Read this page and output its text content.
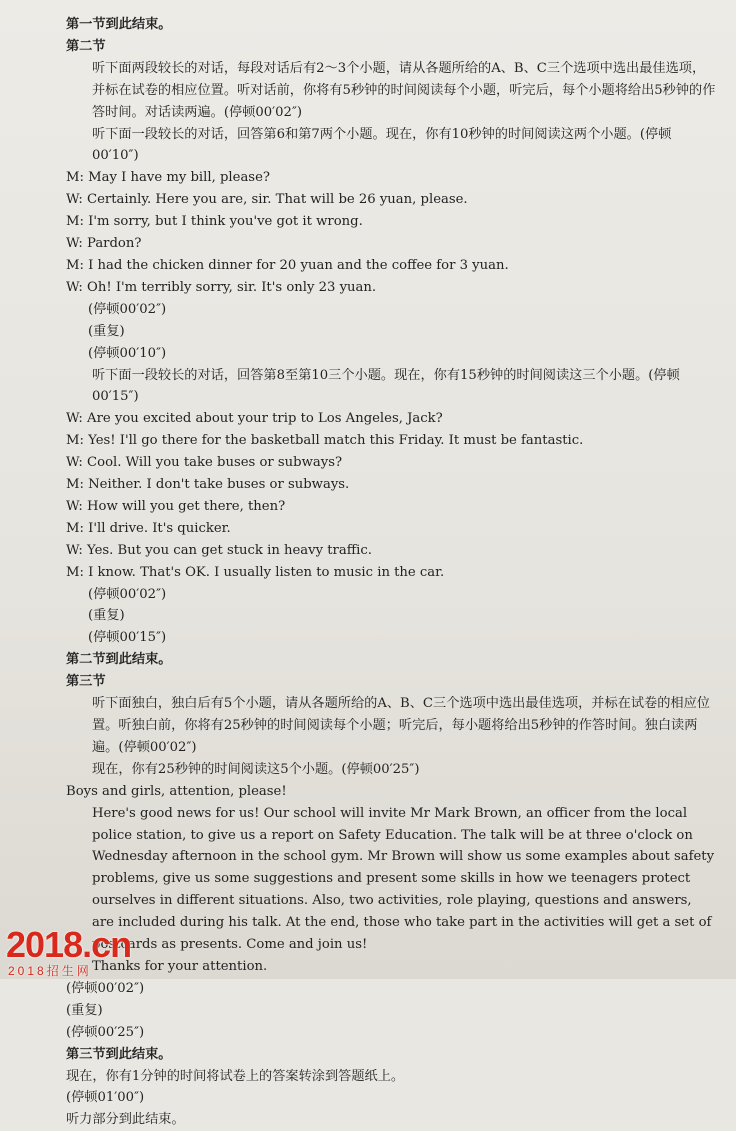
第一节到此结束。
第二节
听下面两段较长的对话，每段对话后有2～3个小题，请从各题所给的A、B、C三个选项中选出最佳选项，并标在试卷的相应位置。听对话前，你将有5秒钟的时间阅读每个小题，听完后，每个小题将给出5秒钟的作答时间。对话读两遍。(停顿00′02″)
听下面一段较长的对话，回答第6和第7两个小题。现在，你有10秒钟的时间阅读这两个小题。(停顿00′10″)
M: May I have my bill, please?
W: Certainly. Here you are, sir. That will be 26 yuan, please.
M: I'm sorry, but I think you've got it wrong.
W: Pardon?
M: I had the chicken dinner for 20 yuan and the coffee for 3 yuan.
W: Oh! I'm terribly sorry, sir. It's only 23 yuan.
(停顿00′02″)
(重复)
(停顿00′10″)
听下面一段较长的对话，回答第8至第10三个小题。现在，你有15秒钟的时间阅读这三个小题。(停顿00′15″)
W: Are you excited about your trip to Los Angeles, Jack?
M: Yes! I'll go there for the basketball match this Friday. It must be fantastic.
W: Cool. Will you take buses or subways?
M: Neither. I don't take buses or subways.
W: How will you get there, then?
M: I'll drive. It's quicker.
W: Yes. But you can get stuck in heavy traffic.
M: I know. That's OK. I usually listen to music in the car.
(停顿00′02″)
(重复)
(停顿00′15″)
第二节到此结束。
第三节
听下面独白，独白后有5个小题，请从各题所给的A、B、C三个选项中选出最佳选项，并标在试卷的相应位置。听独白前，你将有25秒钟的时间阅读每个小题；听完后，每小题将给出5秒钟的作答时间。独白读两遍。(停顿00′02″)
现在，你有25秒钟的时间阅读这5个小题。(停顿00′25″)
Boys and girls, attention, please!
Here's good news for us! Our school will invite Mr Mark Brown, an officer from the local police station, to give us a report on Safety Education. The talk will be at three o'clock on Wednesday afternoon in the school gym. Mr Brown will show us some examples about safety problems, give us some suggestions and present some skills in how we teenagers protect ourselves in different situations. Also, two activities, role playing, questions and answers, are included during his talk. At the end, those who take part in the activities will get a set of postcards as presents. Come and join us!
Thanks for your attention.
(停顿00′02″)
(重复)
(停顿00′25″)
第三节到此结束。
现在，你有1分钟的时间将试卷上的答案转涂到答题纸上。
(停顿01′00″)
听力部分到此结束。
2018.cn
2018招生网
